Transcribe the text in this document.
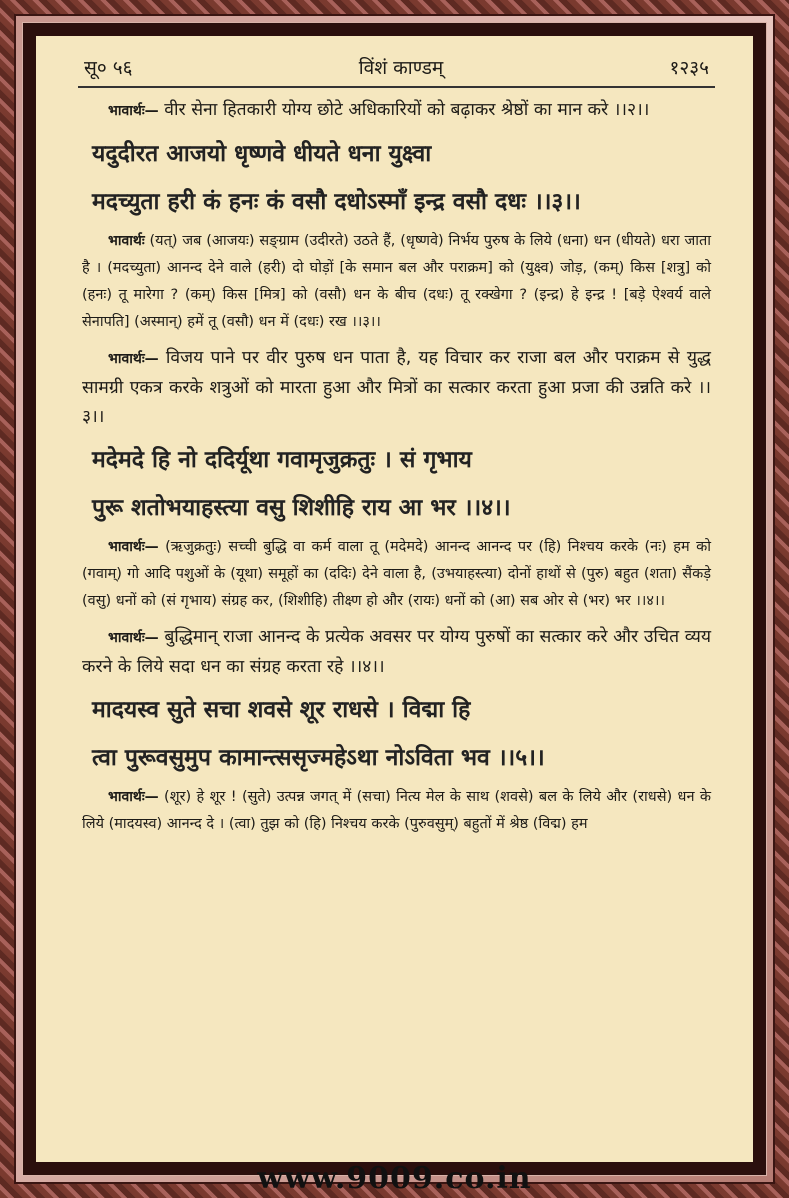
सू० ५६	विंशं काण्डम्	१२३५
भावार्थः— वीर सेना हितकारी योग्य छोटे अधिकारियों को बढ़ाकर श्रेष्ठों का मान करे ।।२।।
यदुदीरत आजयो धृष्णवे धीयते धना युक्ष्वा
मदच्युता हरी कं हनः कं वसौ दधोऽस्माँ इन्द्र वसौ दधः ।।३।।
भावार्थः (यत्) जब (आजयः) सङ्ग्राम (उदीरते) उठते हैं, (धृष्णवे) निर्भय पुरुष के लिये (धना) धन (धीयते) धरा जाता है । (मदच्युता) आनन्द देने वाले (हरी) दो घोड़ों [के समान बल और पराक्रम] को (युक्ष्व) जोड़, (कम्) किस [शत्रु] को (हनः) तू मारेगा ? (कम्) किस [मित्र] को (वसौ) धन के बीच (दधः) तू रक्खेगा ? (इन्द्र) हे इन्द्र ! [बड़े ऐश्वर्य वाले सेनापति] (अस्मान्) हमें तू (वसौ) धन में (दधः) रख ।।३।।
भावार्थः— विजय पाने पर वीर पुरुष धन पाता है, यह विचार कर राजा बल और पराक्रम से युद्ध सामग्री एकत्र करके शत्रुओं को मारता हुआ और मित्रों का सत्कार करता हुआ प्रजा की उन्नति करे ।।३।।
मदेमदे हि नो ददिर्यूथा गवामृजुक्रतुः । सं गृभाय
पुरू शतोभयाहस्त्या वसु शिशीहि राय आ भर ।।४।।
भावार्थः— (ऋजुक्रतुः) सच्ची बुद्धि वा कर्म वाला तू (मदेमदे) आनन्द आनन्द पर (हि) निश्चय करके (नः) हम को (गवाम्) गो आदि पशुओं के (यूथा) समूहों का (ददिः) देने वाला है, (उभयाहस्त्या) दोनों हाथों से (पुरु) बहुत (शता) सैंकड़े (वसु) धनों को (सं गृभाय) संग्रह कर, (शिशीहि) तीक्ष्ण हो और (रायः) धनों को (आ) सब ओर से (भर) भर ।।४।।
भावार्थः— बुद्धिमान् राजा आनन्द के प्रत्येक अवसर पर योग्य पुरुषों का सत्कार करे और उचित व्यय करने के लिये सदा धन का संग्रह करता रहे ।।४।।
मादयस्व सुते सचा शवसे शूर राधसे । विद्मा हि
त्वा पुरूवसुमुप कामान्त्ससृज्महेऽथा नोऽविता भव ।।५।।
भावार्थः— (शूर) हे शूर ! (सुते) उत्पन्न जगत् में (सचा) नित्य मेल के साथ (शवसे) बल के लिये और (राधसे) धन के लिये (मादयस्व) आनन्द दे । (त्वा) तुझ को (हि) निश्चय करके (पुरुवसुम्) बहुतों में श्रेष्ठ (विद्म) हम
www.9009.co.in
